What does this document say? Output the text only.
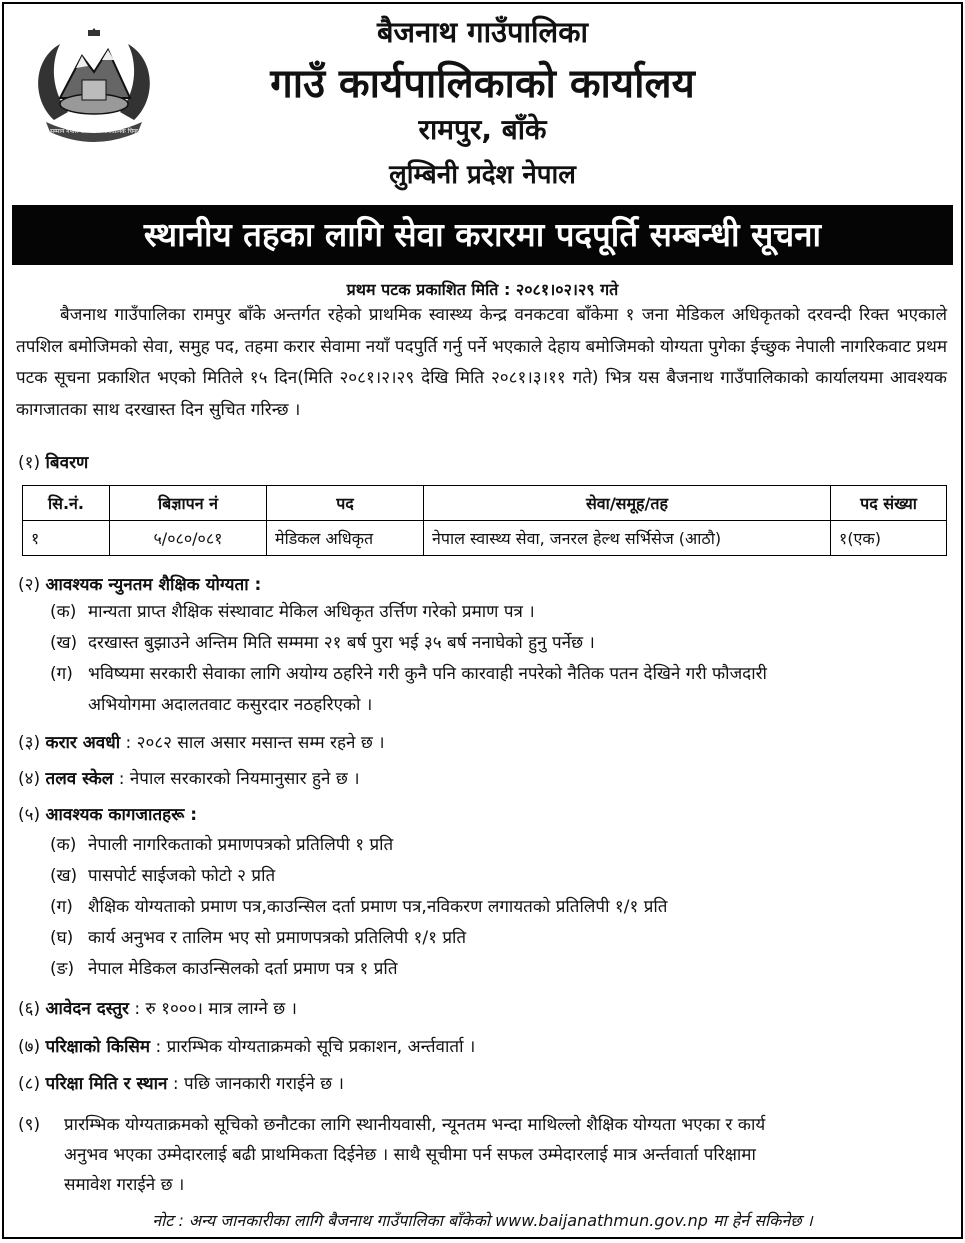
सम्मान नेपाल सरकारको संवैधानिक चिन्ह
बैजनाथ गाउँपालिका
गाउँ कार्यपालिकाको कार्यालय
रामपुर, बाँके
लुम्बिनी प्रदेश नेपाल
स्थानीय तहका लागि सेवा करारमा पदपूर्ति सम्बन्धी सूचना
प्रथम पटक प्रकाशित मिति : २०८१।०२।२९ गते

बैजनाथ गाउँपालिका रामपुर बाँके अन्तर्गत रहेको प्राथमिक स्वास्थ्य केन्द्र वनकटवा बाँकेमा १ जना मेडिकल अधिकृतको दरवन्दी रिक्त भएकाले तपशिल बमोजिमको सेवा, समुह पद, तहमा करार सेवामा नयाँ पदपुर्ति गर्नु पर्ने भएकाले देहाय बमोजिमको योग्यता पुगेका ईच्छुक नेपाली नागरिकवाट प्रथम पटक सूचना प्रकाशित भएको मितिले १५ दिन(मिति २०८१।२।२९ देखि मिति २०८१।३।११ गते) भित्र यस बैजनाथ गाउँपालिकाको कार्यालयमा आवश्यक कागजातका साथ दरखास्त दिन सुचित गरिन्छ ।

(१) बिवरण
सि.नं.	बिज्ञापन नं	पद	सेवा/समूह/तह	पद संख्या
१	५/०८०/०८१	मेडिकल अधिकृत	नेपाल स्वास्थ्य सेवा, जनरल हेल्थ सर्भिसेज (आठौ)	१(एक)
(२) आवश्यक न्युनतम शैक्षिक योग्यता :
(क) मान्यता प्राप्त शैक्षिक संस्थावाट मेकिल अधिकृत उर्त्तिण गरेको प्रमाण पत्र ।
(ख) दरखास्त बुझाउने अन्तिम मिति सम्ममा २१ बर्ष पुरा भई ३५ बर्ष ननाघेको हुनु पर्नेछ ।
(ग) भविष्यमा सरकारी सेवाका लागि अयोग्य ठहरिने गरी कुनै पनि कारवाही नपरेको नैतिक पतन देखिने गरी फौजदारी
अभियोगमा अदालतवाट कसुरदार नठहरिएको ।
(३) करार अवधी : २०८२ साल असार मसान्त सम्म रहने छ ।
(४) तलव स्केल : नेपाल सरकारको नियमानुसार हुने छ ।
(५) आवश्यक कागजातहरू :
(क) नेपाली नागरिकताको प्रमाणपत्रको प्रतिलिपी १ प्रति
(ख) पासपोर्ट साईजको फोटो २ प्रति
(ग) शैक्षिक योग्यताको प्रमाण पत्र,काउन्सिल दर्ता प्रमाण पत्र,नविकरण लगायतको प्रतिलिपी १/१ प्रति
(घ) कार्य अनुभव र तालिम भए सो प्रमाणपत्रको प्रतिलिपी १/१ प्रति
(ङ) नेपाल मेडिकल काउन्सिलको दर्ता प्रमाण पत्र १ प्रति
(६) आवेदन दस्तुर : रु १०००। मात्र लाग्ने छ ।
(७) परिक्षाको किसिम : प्रारम्भिक योग्यताक्रमको सूचि प्रकाशन, अर्न्तवार्ता ।
(८) परिक्षा मिति र स्थान : पछि जानकारी गराईने छ ।
(९) प्रारम्भिक योग्यताक्रमको सूचिको छनौटका लागि स्थानीयवासी, न्यूनतम भन्दा माथिल्लो शैक्षिक योग्यता भएका र कार्य
अनुभव भएका उम्मेदारलाई बढी प्राथमिकता दिईनेछ । साथै सूचीमा पर्न सफल उम्मेदारलाई मात्र अर्न्तवार्ता परिक्षामा
समावेश गराईने छ ।
नोट : अन्य जानकारीका लागि बैजनाथ गाउँपालिका बाँकेको www.baijanathmun.gov.np मा हेर्न सकिनेछ ।
